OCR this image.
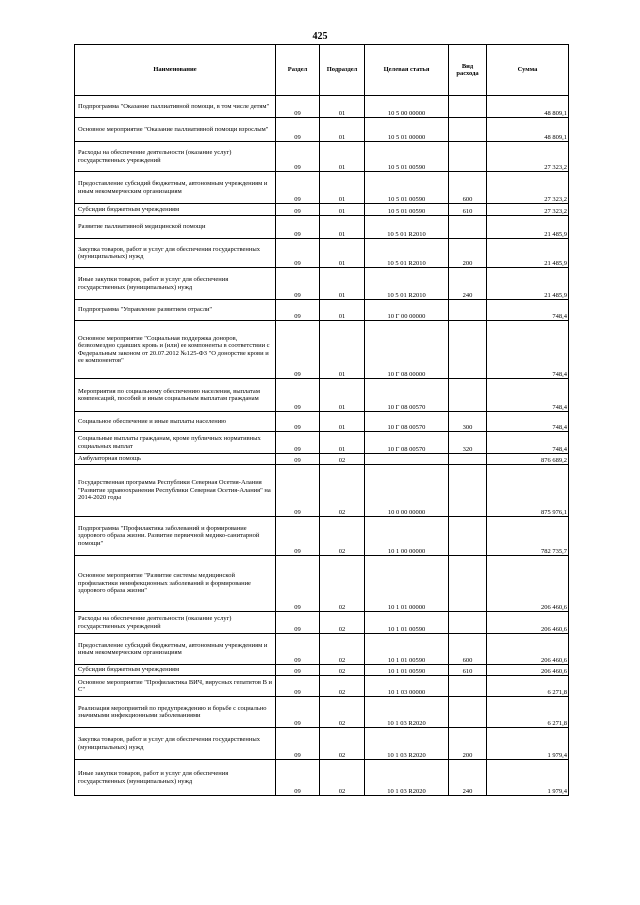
425
Наименование	Раздел	Подраздел	Целевая статья	Вид расхода	Сумма
Подпрограмма "Оказание паллиативной помощи, в том числе детям"	09	01	10 5 00 00000		48 809,1
Основное мероприятие "Оказание паллиативной помощи взрослым"	09	01	10 5 01 00000		48 809,1
Расходы на обеспечение деятельности (оказание услуг) государственных учреждений	09	01	10 5 01 00590		27 323,2
Предоставление субсидий бюджетным, автономным учреждениям и иным некоммерческим организациям	09	01	10 5 01 00590	600	27 323,2
Субсидии бюджетным учреждениям	09	01	10 5 01 00590	610	27 323,2
Развитие паллиативной медицинской помощи	09	01	10 5 01 R2010		21 485,9
Закупка товаров, работ и услуг для обеспечения государственных (муниципальных) нужд	09	01	10 5 01 R2010	200	21 485,9
Иные закупки товаров, работ и услуг для обеспечения государственных (муниципальных) нужд	09	01	10 5 01 R2010	240	21 485,9
Подпрограмма "Управление развитием отрасли"	09	01	10 Г 00 00000		748,4
Основное мероприятие "Социальная поддержка доноров, безвозмездно сдавших кровь и (или) ее компоненты в соответствии с Федеральным законом от 20.07.2012 №125-ФЗ "О донорстве крови и ее компонентов"	09	01	10 Г 08 00000		748,4
Мероприятия по социальному обеспечению населения, выплатам компенсаций, пособий и иным социальным выплатам гражданам	09	01	10 Г 08 00570		748,4
Социальное обеспечение и иные выплаты населению	09	01	10 Г 08 00570	300	748,4
Социальные выплаты гражданам, кроме публичных нормативных социальных выплат	09	01	10 Г 08 00570	320	748,4
Амбулаторная помощь	09	02			876 689,2
Государственная программа Республики Северная Осетия-Алания "Развитие здравоохранения Республики Северная Осетия-Алания" на 2014-2020 годы	09	02	10 0 00 00000		875 976,1
Подпрограмма "Профилактика заболеваний и формирование здорового образа жизни. Развитие первичной медико-санитарной помощи"	09	02	10 1 00 00000		782 735,7
Основное мероприятие "Развитие системы медицинской профилактики неинфекционных заболеваний и формирование здорового образа жизни"	09	02	10 1 01 00000		206 460,6
Расходы на обеспечение деятельности (оказание услуг) государственных учреждений	09	02	10 1 01 00590		206 460,6
Предоставление субсидий бюджетным, автономным учреждениям и иным некоммерческим организациям	09	02	10 1 01 00590	600	206 460,6
Субсидии бюджетным учреждениям	09	02	10 1 01 00590	610	206 460,6
Основное мероприятие "Профилактика ВИЧ, вирусных гепатитов В и С"	09	02	10 1 03 00000		6 271,8
Реализация мероприятий по предупреждению и борьбе с социально значимыми инфекционными заболеваниями	09	02	10 1 03 R2020		6 271,8
Закупка товаров, работ и услуг для обеспечения государственных (муниципальных) нужд	09	02	10 1 03 R2020	200	1 979,4
Иные закупки товаров, работ и услуг для обеспечения государственных (муниципальных) нужд	09	02	10 1 03 R2020	240	1 979,4
